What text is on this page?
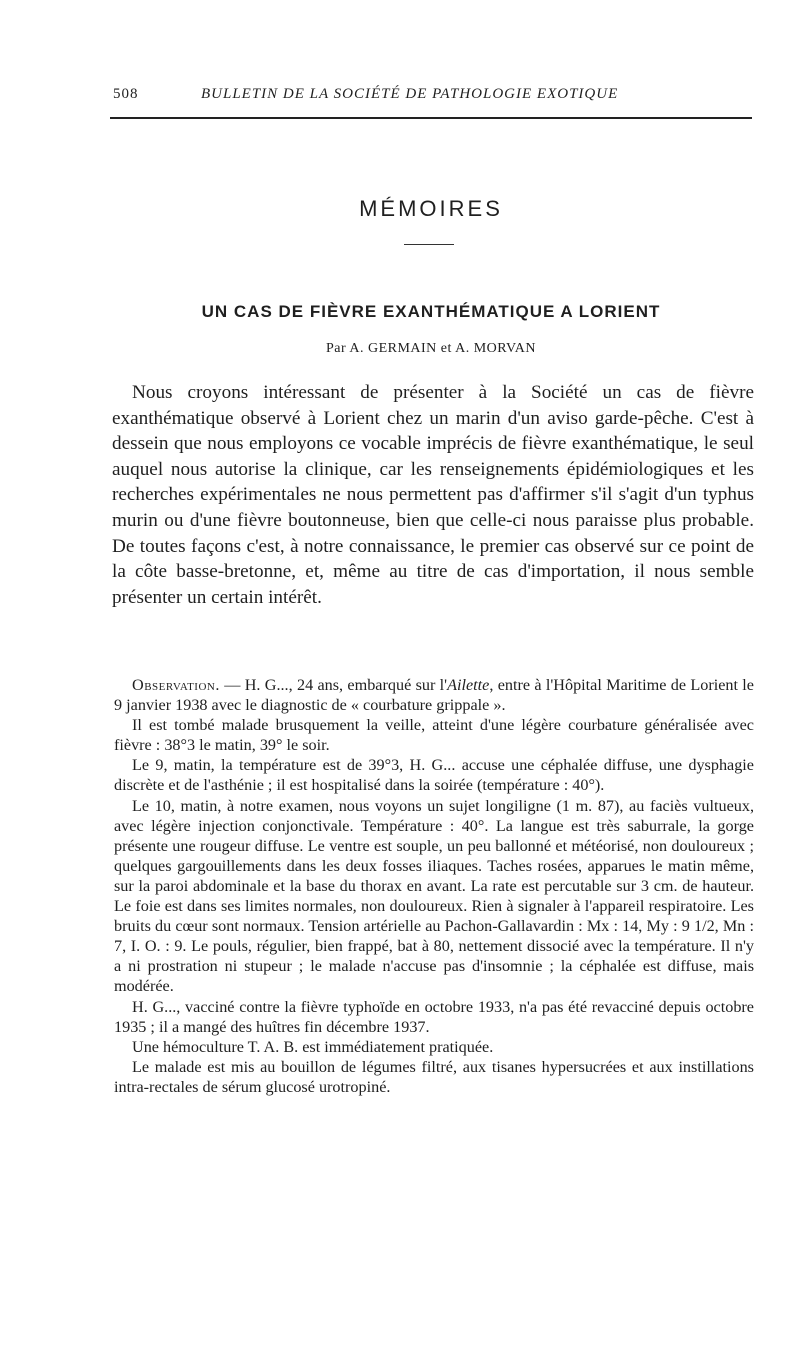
508	BULLETIN DE LA SOCIÉTÉ DE PATHOLOGIE EXOTIQUE
MÉMOIRES
UN CAS DE FIÈVRE EXANTHÉMATIQUE A LORIENT
Par A. GERMAIN et A. MORVAN

Nous croyons intéressant de présenter à la Société un cas de fièvre exanthématique observé à Lorient chez un marin d'un aviso garde-pêche. C'est à dessein que nous employons ce vocable imprécis de fièvre exanthématique, le seul auquel nous autorise la clinique, car les renseignements épidémiologiques et les recherches expérimentales ne nous permettent pas d'affirmer s'il s'agit d'un typhus murin ou d'une fièvre boutonneuse, bien que celle-ci nous paraisse plus probable. De toutes façons c'est, à notre connaissance, le premier cas observé sur ce point de la côte basse-bretonne, et, même au titre de cas d'importation, il nous semble présenter un certain intérêt.

Observation. — H. G..., 24 ans, embarqué sur l'Ailette, entre à l'Hôpital Maritime de Lorient le 9 janvier 1938 avec le diagnostic de « courbature grippale ».

Il est tombé malade brusquement la veille, atteint d'une légère courbature généralisée avec fièvre : 38°3 le matin, 39° le soir.

Le 9, matin, la température est de 39°3, H. G... accuse une céphalée diffuse, une dysphagie discrète et de l'asthénie ; il est hospitalisé dans la soirée (température : 40°).

Le 10, matin, à notre examen, nous voyons un sujet longiligne (1 m. 87), au faciès vultueux, avec légère injection conjonctivale. Température : 40°. La langue est très saburrale, la gorge présente une rougeur diffuse. Le ventre est souple, un peu ballonné et météorisé, non douloureux ; quelques gargouillements dans les deux fosses iliaques. Taches rosées, apparues le matin même, sur la paroi abdominale et la base du thorax en avant. La rate est percutable sur 3 cm. de hauteur. Le foie est dans ses limites normales, non douloureux. Rien à signaler à l'appareil respiratoire. Les bruits du cœur sont normaux. Tension artérielle au Pachon-Gallavardin : Mx : 14, My : 9 1/2, Mn : 7, I. O. : 9. Le pouls, régulier, bien frappé, bat à 80, nettement dissocié avec la température. Il n'y a ni prostration ni stupeur ; le malade n'accuse pas d'insomnie ; la céphalée est diffuse, mais modérée.

H. G..., vacciné contre la fièvre typhoïde en octobre 1933, n'a pas été revacciné depuis octobre 1935 ; il a mangé des huîtres fin décembre 1937.

Une hémoculture T. A. B. est immédiatement pratiquée.

Le malade est mis au bouillon de légumes filtré, aux tisanes hypersucrées et aux instillations intra-rectales de sérum glucosé urotropiné.
